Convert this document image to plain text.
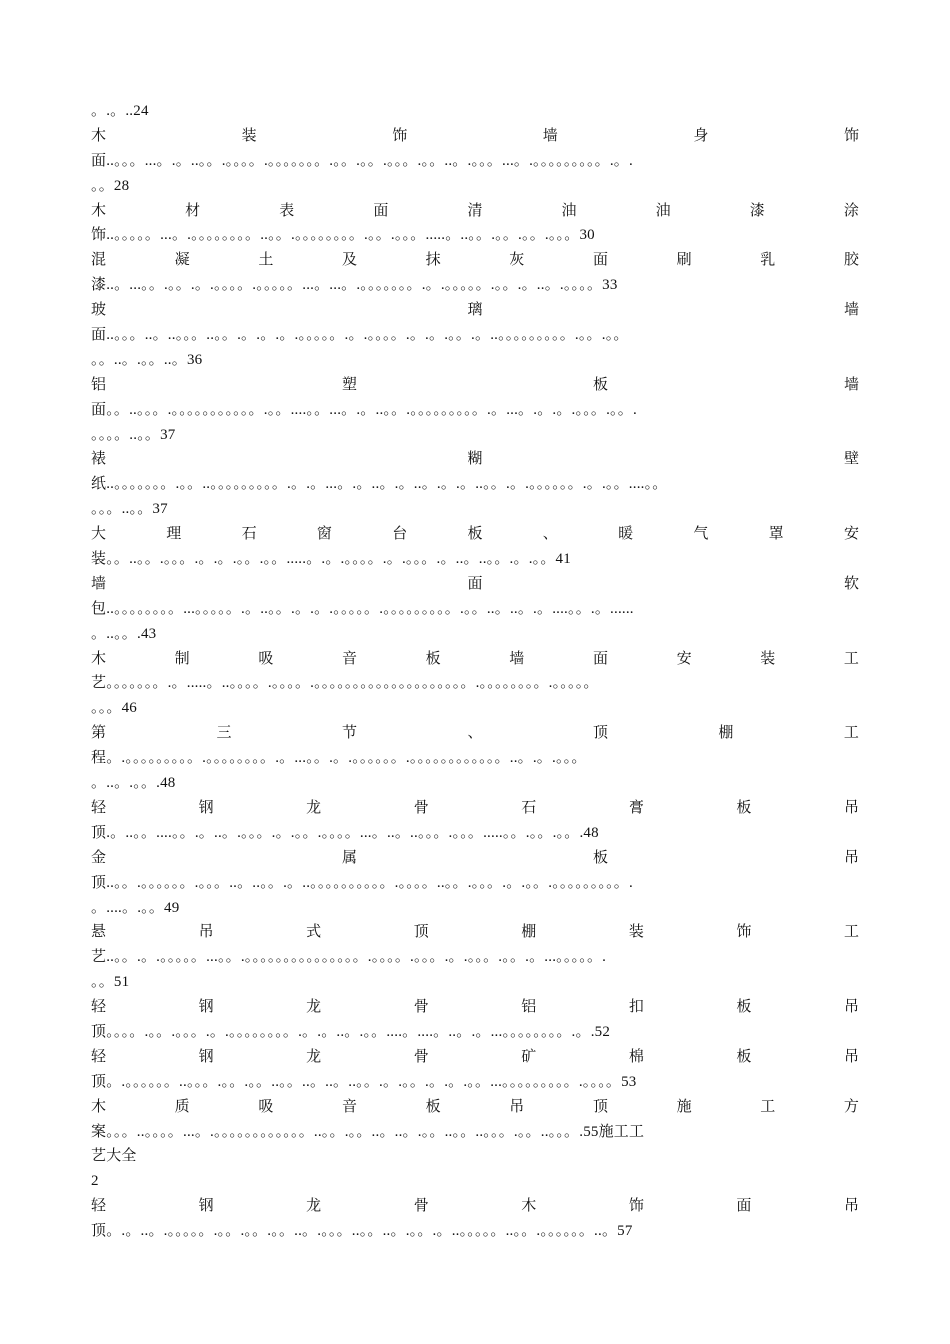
。.。..24
木	装	饰	墙	身	饰
面..。。。...。.。..。。.。。。。.。。。。。。。.。。.。。.。。。.。。..。.。。。...。.。。。。。。。。。.。.
。。28
木	材	表	面	清	油	油	漆	涂
饰..。。。。。...。.。。。。。。。。..。。.。。。。。。。。.。。.。。。.....。..。。.。。.。。.。。。30
混	凝	土	及	抹	灰	面	刷	乳	胶
漆..。...。。.。。.。.。。。。.。。。。。...。...。.。。。。。。。.。.。。。。。.。。.。..。.。。。。33
玻	璃	墙
面..。。。..。..。。。..。。.。.。.。.。。。。。.。.。。。。.。.。.。。.。..。。。。。。。。。.。。.。。
。。..。.。。..。36
铝	塑	板	墙
面。。..。。。.。。。。。。。。。。。.。。....。。...。.。..。。.。。。。。。。。。.。...。.。.。.。。。.。。.
。。。。..。。37
裱	糊	壁
纸..。。。。。。。.。。..。。。。。。。。。.。.。...。.。..。.。..。.。.。..。。.。.。。。。。。.。.。。....。。
。。。..。。37
大	理	石	窗	台	板	、	暖	气	罩	安
装。。..。。.。。。.。.。.。。.。。.....。.。.。。。。.。.。。。.。..。..。。.。.。。41
墙	面	软
包..。。。。。。。。...。。。。。.。..。。.。.。.。。。。。.。。。。。。。。。.。。..。..。.。....。。.。......
。..。。.43
木	制	吸	音	板	墙	面	安	装	工
艺。。。。。。。.。.....。..。。。。.。。。。.。。。。。。。。。。。。。。。。。。。。.。。。。。。。。.。。。。。
。。。46
第	三	节	、	顶	棚	工
程。.。。。。。。。。。.。。。。。。。。.。...。。.。.。。。。。。.。。。。。。。。。。。。..。.。.。。。
。..。.。。.48
轻	钢	龙	骨	石	膏	板	吊
顶.。..。。....。。.。..。.。。。.。.。。.。。。。...。..。..。。。.。。。.....。。.。。.。。.48
金	属	板	吊
顶..。。.。。。。。。.。。。..。..。。.。..。。。。。。。。。。.。。。。..。。.。。。.。.。。.。。。。。。。。。.
。....。.。。49
悬	吊	式	顶	棚	装	饰	工
艺..。。.。.。。。。。...。。.。。。。。。。。。。。。。。。.。。。。.。。。.。.。。。.。。.。...。。。。。.
。。51
轻	钢	龙	骨	铝	扣	板	吊
顶。。。。.。。.。。。.。.。。。。。。。。.。.。..。.。。....。....。..。.。...。。。。。。。。.。.52
轻	钢	龙	骨	矿	棉	板	吊
顶。.。。。。。。..。。。.。。.。。..。。..。..。..。。.。.。。.。.。.。。...。。。。。。。。。.。。。。53
木	质	吸	音	板	吊	顶	施	工	方
案。。。..。。。。...。.。。。。。。。。。。。。..。。.。。..。..。.。。..。。..。。。.。。..。。。.55施工工
艺大全
2
轻	钢	龙	骨	木	饰	面	吊
顶。.。..。.。。。。。.。。.。。.。。..。.。。。..。。..。.。。.。..。。。。。..。。.。。。。。。..。57
